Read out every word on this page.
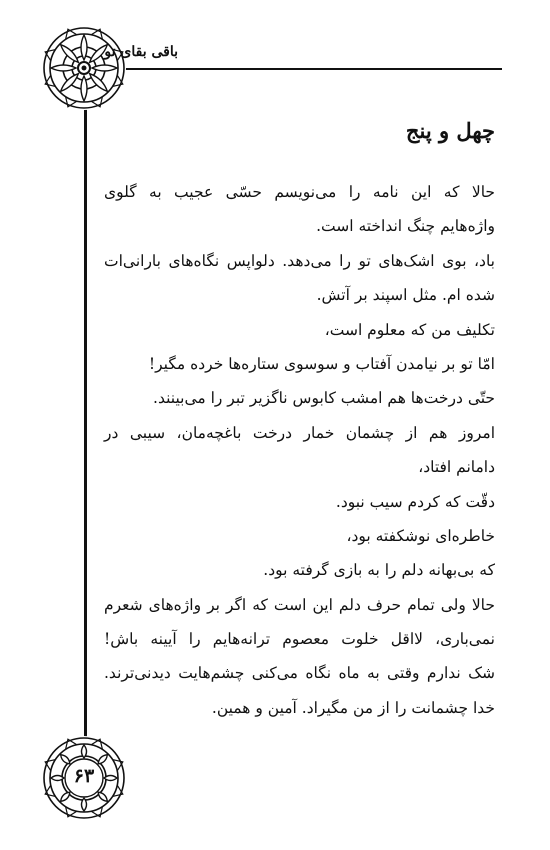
باقی بقای تو
چهل و پنج
حالا که این نامه را می‌نویسم حسّی عجیب به گلوی
واژه‌هایم چنگ انداخته است.
باد، بوی اشک‌های تو را می‌دهد. دلواپس نگاه‌های بارانی‌ات
شده ام. مثل اسپند بر آتش.
تکلیف من که معلوم است،
امّا تو بر نیامدن آفتاب و سوسوی ستاره‌ها خرده مگیر!
حتّی درخت‌ها هم امشب کابوس ناگزیر تبر را می‌بینند.
امروز هم از چشمان خمار درخت باغچه‌مان، سیبی در
دامانم افتاد،
دقّت که کردم سیب نبود.
خاطره‌ای نوشکفته بود،
که بی‌بهانه دلم را به بازی گرفته بود.
حالا ولی تمام حرف دلم این است که اگر بر واژه‌های شعرم
نمی‌باری، لااقل خلوت معصوم ترانه‌هایم را آیینه باش!
شک ندارم وقتی به ماه نگاه می‌کنی چشم‌هایت دیدنی‌ترند.
خدا چشمانت را از من مگیراد. آمین و همین.
۶۳
